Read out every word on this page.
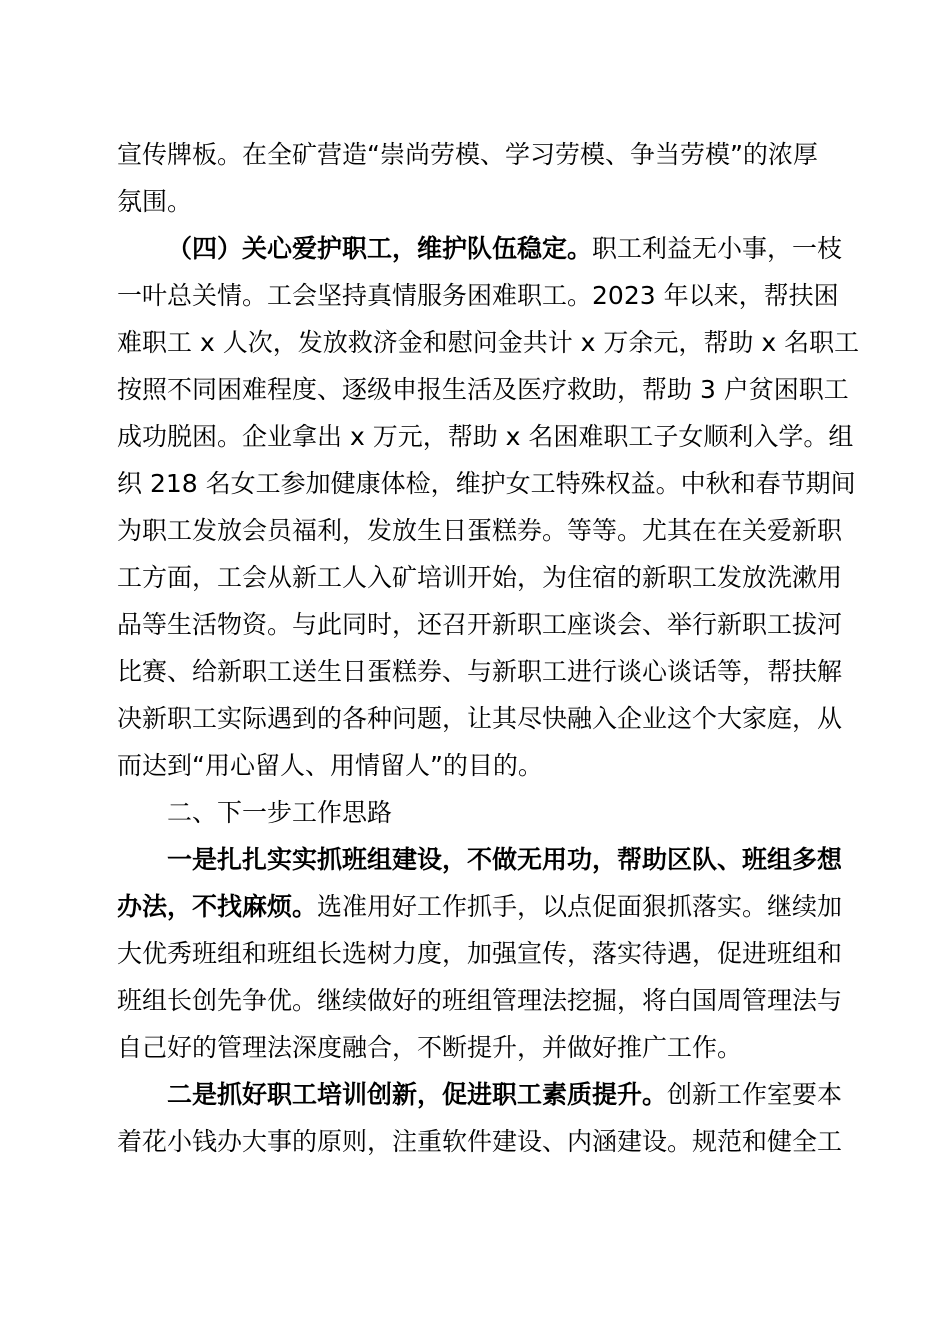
宣传牌板。在全矿营造“崇尚劳模、学习劳模、争当劳模”的浓厚
氛围。
（四）关心爱护职工，维护队伍稳定。职工利益无小事，一枝
一叶总关情。工会坚持真情服务困难职工。2023 年以来，帮扶困
难职工 x 人次，发放救济金和慰问金共计 x 万余元，帮助 x 名职工
按照不同困难程度、逐级申报生活及医疗救助，帮助 3 户贫困职工
成功脱困。企业拿出 x 万元，帮助 x 名困难职工子女顺利入学。组
织 218 名女工参加健康体检，维护女工特殊权益。中秋和春节期间
为职工发放会员福利，发放生日蛋糕券。等等。尤其在在关爱新职
工方面，工会从新工人入矿培训开始，为住宿的新职工发放洗漱用
品等生活物资。与此同时，还召开新职工座谈会、举行新职工拔河
比赛、给新职工送生日蛋糕券、与新职工进行谈心谈话等，帮扶解
决新职工实际遇到的各种问题，让其尽快融入企业这个大家庭，从
而达到“用心留人、用情留人”的目的。
二、下一步工作思路
一是扎扎实实抓班组建设，不做无用功，帮助区队、班组多想
办法，不找麻烦。选准用好工作抓手，以点促面狠抓落实。继续加
大优秀班组和班组长选树力度，加强宣传，落实待遇，促进班组和
班组长创先争优。继续做好的班组管理法挖掘，将白国周管理法与
自己好的管理法深度融合，不断提升，并做好推广工作。
二是抓好职工培训创新，促进职工素质提升。创新工作室要本
着花小钱办大事的原则，注重软件建设、内涵建设。规范和健全工
